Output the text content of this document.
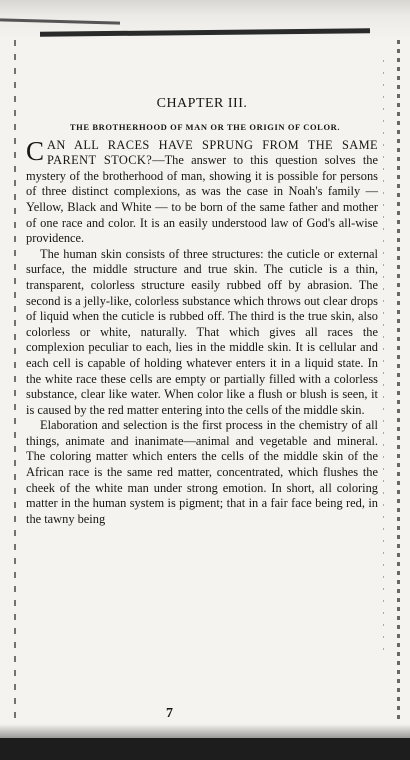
CHAPTER III.
THE BROTHERHOOD OF MAN OR THE ORIGIN OF COLOR.

CAN ALL RACES HAVE SPRUNG FROM THE SAME PARENT STOCK?—The answer to this question solves the mystery of the brotherhood of man, showing it is possible for persons of three distinct complexions, as was the case in Noah's family — Yellow, Black and White — to be born of the same father and mother of one race and color. It is an easily understood law of God's all-wise providence.

The human skin consists of three structures: the cuticle or external surface, the middle structure and true skin. The cuticle is a thin, transparent, colorless structure easily rubbed off by abrasion. The second is a jelly-like, colorless substance which throws out clear drops of liquid when the cuticle is rubbed off. The third is the true skin, also colorless or white, naturally. That which gives all races the complexion peculiar to each, lies in the middle skin. It is cellular and each cell is capable of holding whatever enters it in a liquid state. In the white race these cells are empty or partially filled with a colorless substance, clear like water. When color like a flush or blush is seen, it is caused by the red matter entering into the cells of the middle skin.

Elaboration and selection is the first process in the chemistry of all things, animate and inanimate—animal and vegetable and mineral. The coloring matter which enters the cells of the middle skin of the African race is the same red matter, concentrated, which flushes the cheek of the white man under strong emotion. In short, all coloring matter in the human system is pigment; that in a fair face being red, in the tawny being

7
